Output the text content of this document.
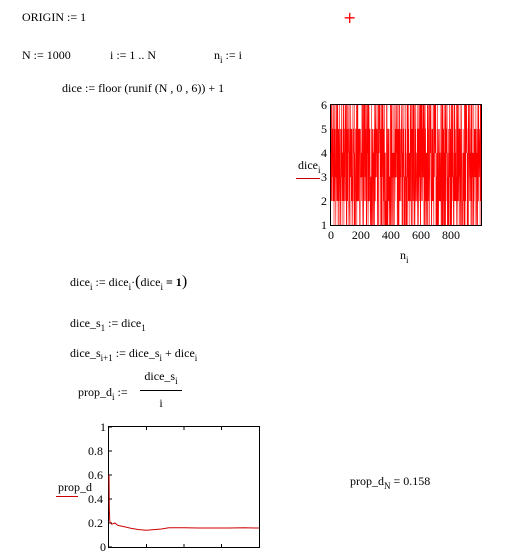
ORIGIN := 1	+
N := 1000	i := 1 .. N	$n_i$ := i
dice := floor (runif (N , 0 , 6)) + 1
dice$_i$
1
2
3
4
5
6
0 200 400 600 800
$n_i$
dice$_i$ := dice$_i$·(dice$_i$ = 1)
$dice\_s_1$ := dice$_1$
$dice\_s_{i+1}$ := $dice\_s_i$ + dice$_i$
$prop\_d_i$ :=
$dice\_s_i$
i
prop_d
0
0.2
0.4
0.6
0.8
1
$prop\_d_N = 0.158$
